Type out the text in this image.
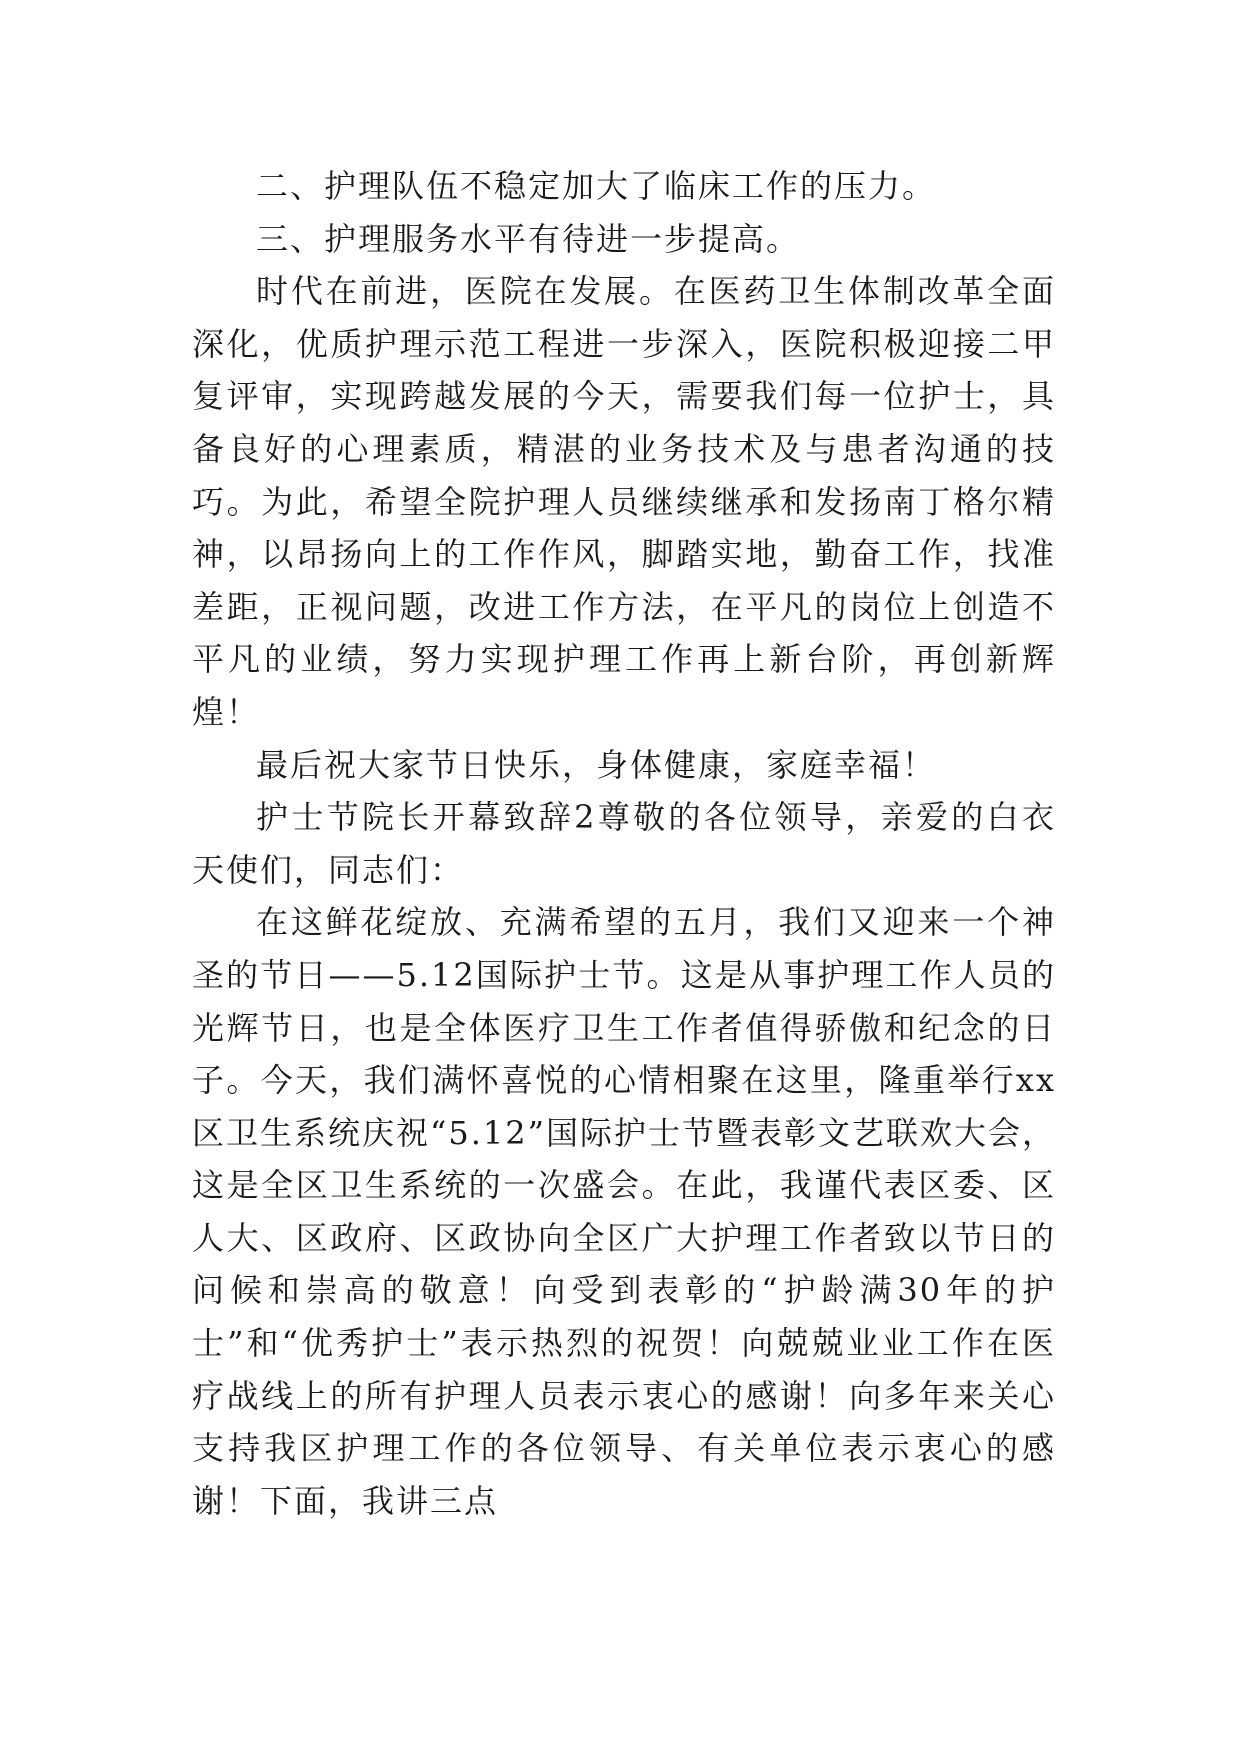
二、护理队伍不稳定加大了临床工作的压力。

三、护理服务水平有待进一步提高。

时代在前进，医院在发展。在医药卫生体制改革全面深化，优质护理示范工程进一步深入，医院积极迎接二甲复评审，实现跨越发展的今天，需要我们每一位护士，具备良好的心理素质，精湛的业务技术及与患者沟通的技巧。为此，希望全院护理人员继续继承和发扬南丁格尔精神，以昂扬向上的工作作风，脚踏实地，勤奋工作，找准差距，正视问题，改进工作方法，在平凡的岗位上创造不平凡的业绩，努力实现护理工作再上新台阶，再创新辉煌！

最后祝大家节日快乐，身体健康，家庭幸福！

护士节院长开幕致辞2尊敬的各位领导，亲爱的白衣天使们，同志们：

在这鲜花绽放、充满希望的五月，我们又迎来一个神圣的节日——5.12国际护士节。这是从事护理工作人员的光辉节日，也是全体医疗卫生工作者值得骄傲和纪念的日子。今天，我们满怀喜悦的心情相聚在这里，隆重举行xx区卫生系统庆祝“5.12”国际护士节暨表彰文艺联欢大会，这是全区卫生系统的一次盛会。在此，我谨代表区委、区人大、区政府、区政协向全区广大护理工作者致以节日的问候和崇高的敬意！向受到表彰的“护龄满30年的护士”和“优秀护士”表示热烈的祝贺！向兢兢业业工作在医疗战线上的所有护理人员表示衷心的感谢！向多年来关心支持我区护理工作的各位领导、有关单位表示衷心的感谢！下面，我讲三点
